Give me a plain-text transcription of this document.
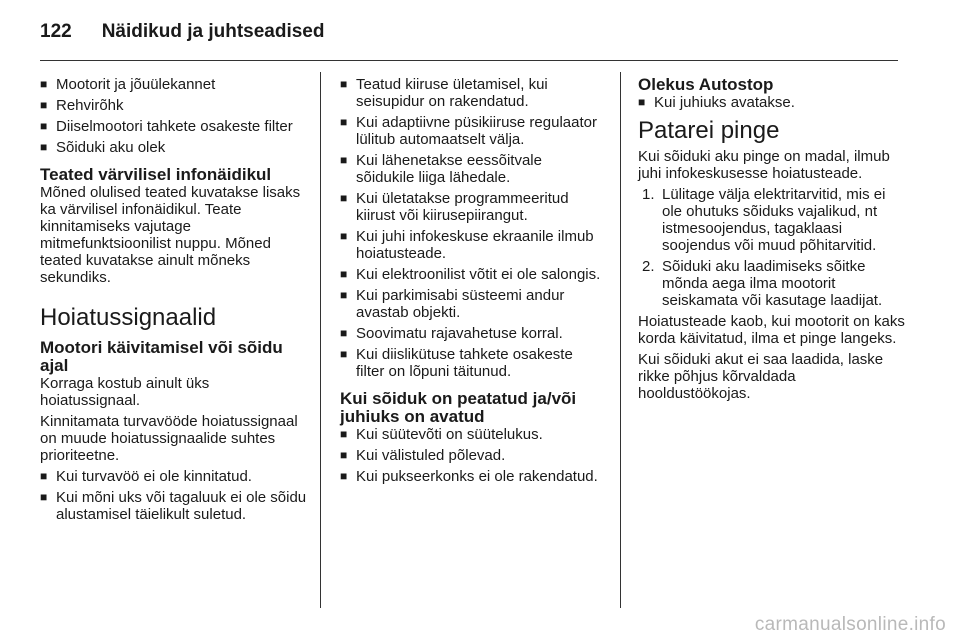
122 Näidikud ja juhtseadised
■ Mootorit ja jõuülekannet
■ Rehvirõhk
■ Diiselmootori tahkete osakeste filter
■ Sõiduki aku olek
Teated värvilisel infonäidikul

Mõned olulised teated kuvatakse lisaks ka värvilisel infonäidikul. Teate kinnitamiseks vajutage mitmefunktsioonilist nuppu. Mõned teated kuvatakse ainult mõneks sekundiks.

Hoiatussignaalid
Mootori käivitamisel või sõidu ajal

Korraga kostub ainult üks hoiatussignaal.

Kinnitamata turvavööde hoiatussignaal on muude hoiatussignaalide suhtes prioriteetne.

■ Kui turvavöö ei ole kinnitatud.
■ Kui mõni uks või tagaluuk ei ole sõidu alustamisel täielikult suletud.
■ Teatud kiiruse ületamisel, kui seisupidur on rakendatud.
■ Kui adaptiivne püsikiiruse regulaator lülitub automaatselt välja.
■ Kui lähenetakse eessõitvale sõidukile liiga lähedale.
■ Kui ületatakse programmeeritud kiirust või kiirusepiirangut.
■ Kui juhi infokeskuse ekraanile ilmub hoiatusteade.
■ Kui elektroonilist võtit ei ole salongis.
■ Kui parkimisabi süsteemi andur avastab objekti.
■ Soovimatu rajavahetuse korral.
■ Kui diislikütuse tahkete osakeste filter on lõpuni täitunud.
Kui sõiduk on peatatud ja/või juhiuks on avatud
■ Kui süütevõti on süütelukus.
■ Kui välistuled põlevad.
■ Kui pukseerkonks ei ole rakendatud.
Olekus Autostop
■ Kui juhiuks avatakse.
Patarei pinge

Kui sõiduki aku pinge on madal, ilmub juhi infokeskusesse hoiatusteade.

1. Lülitage välja elektritarvitid, mis ei ole ohutuks sõiduks vajalikud, nt istmesoojendus, tagaklaasi soojendus või muud põhitarvitid.
2. Sõiduki aku laadimiseks sõitke mõnda aega ilma mootorit seiskamata või kasutage laadijat.

Hoiatusteade kaob, kui mootorit on kaks korda käivitatud, ilma et pinge langeks.

Kui sõiduki akut ei saa laadida, laske rikke põhjus kõrvaldada hooldustöökojas.

carmanualsonline.info
